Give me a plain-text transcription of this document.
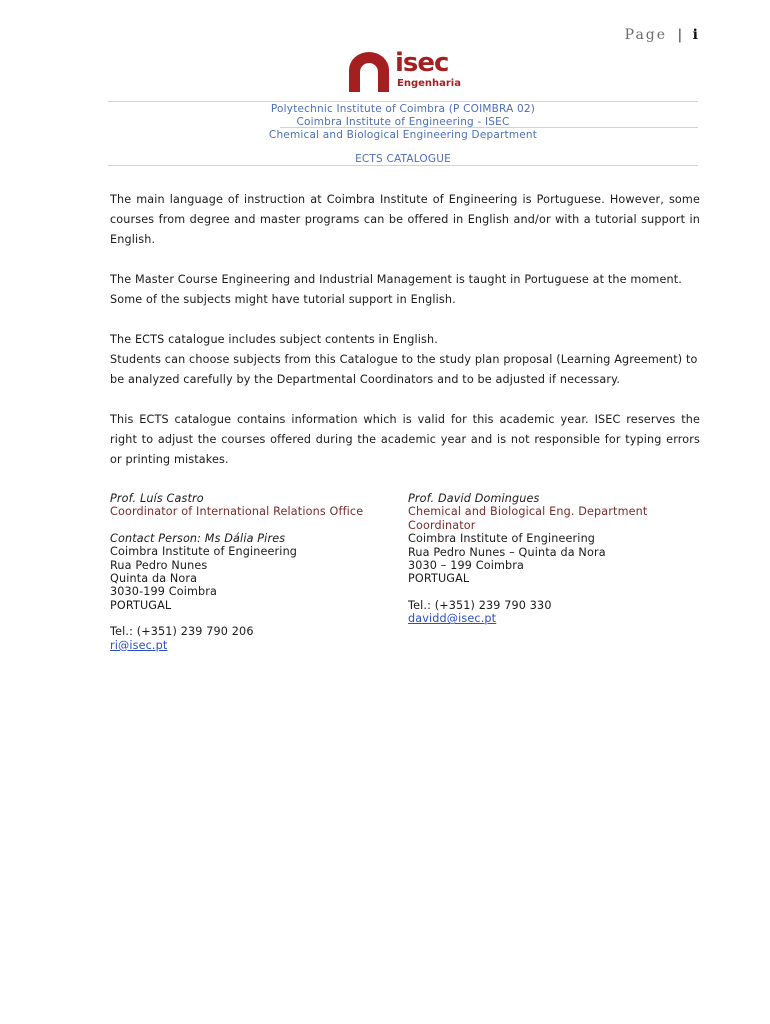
Page | i
isec
Engenharia
Polytechnic Institute of Coimbra (P COIMBRA 02)
Coimbra Institute of Engineering - ISEC
Chemical and Biological Engineering Department
ECTS CATALOGUE

The main language of instruction at Coimbra Institute of Engineering is Portuguese. However, some courses from degree and master programs can be offered in English and/or with a tutorial support in English.

The Master Course Engineering and Industrial Management is taught in Portuguese at the moment. Some of the subjects might have tutorial support in English.

The ECTS catalogue includes subject contents in English.

Students can choose subjects from this Catalogue to the study plan proposal (Learning Agreement) to be analyzed carefully by the Departmental Coordinators and to be adjusted if necessary.

This ECTS catalogue contains information which is valid for this academic year. ISEC reserves the right to adjust the courses offered during the academic year and is not responsible for typing errors or printing mistakes.

Prof. Luís Castro
Coordinator of International Relations Office
Contact Person: Ms Dália Pires
Coimbra Institute of Engineering
Rua Pedro Nunes
Quinta da Nora
3030-199 Coimbra
PORTUGAL
Tel.: (+351) 239 790 206
ri@isec.pt
Prof. David Domingues
Chemical and Biological Eng. Department Coordinator
Coimbra Institute of Engineering
Rua Pedro Nunes – Quinta da Nora
3030 – 199 Coimbra
PORTUGAL
Tel.: (+351) 239 790 330
davidd@isec.pt
